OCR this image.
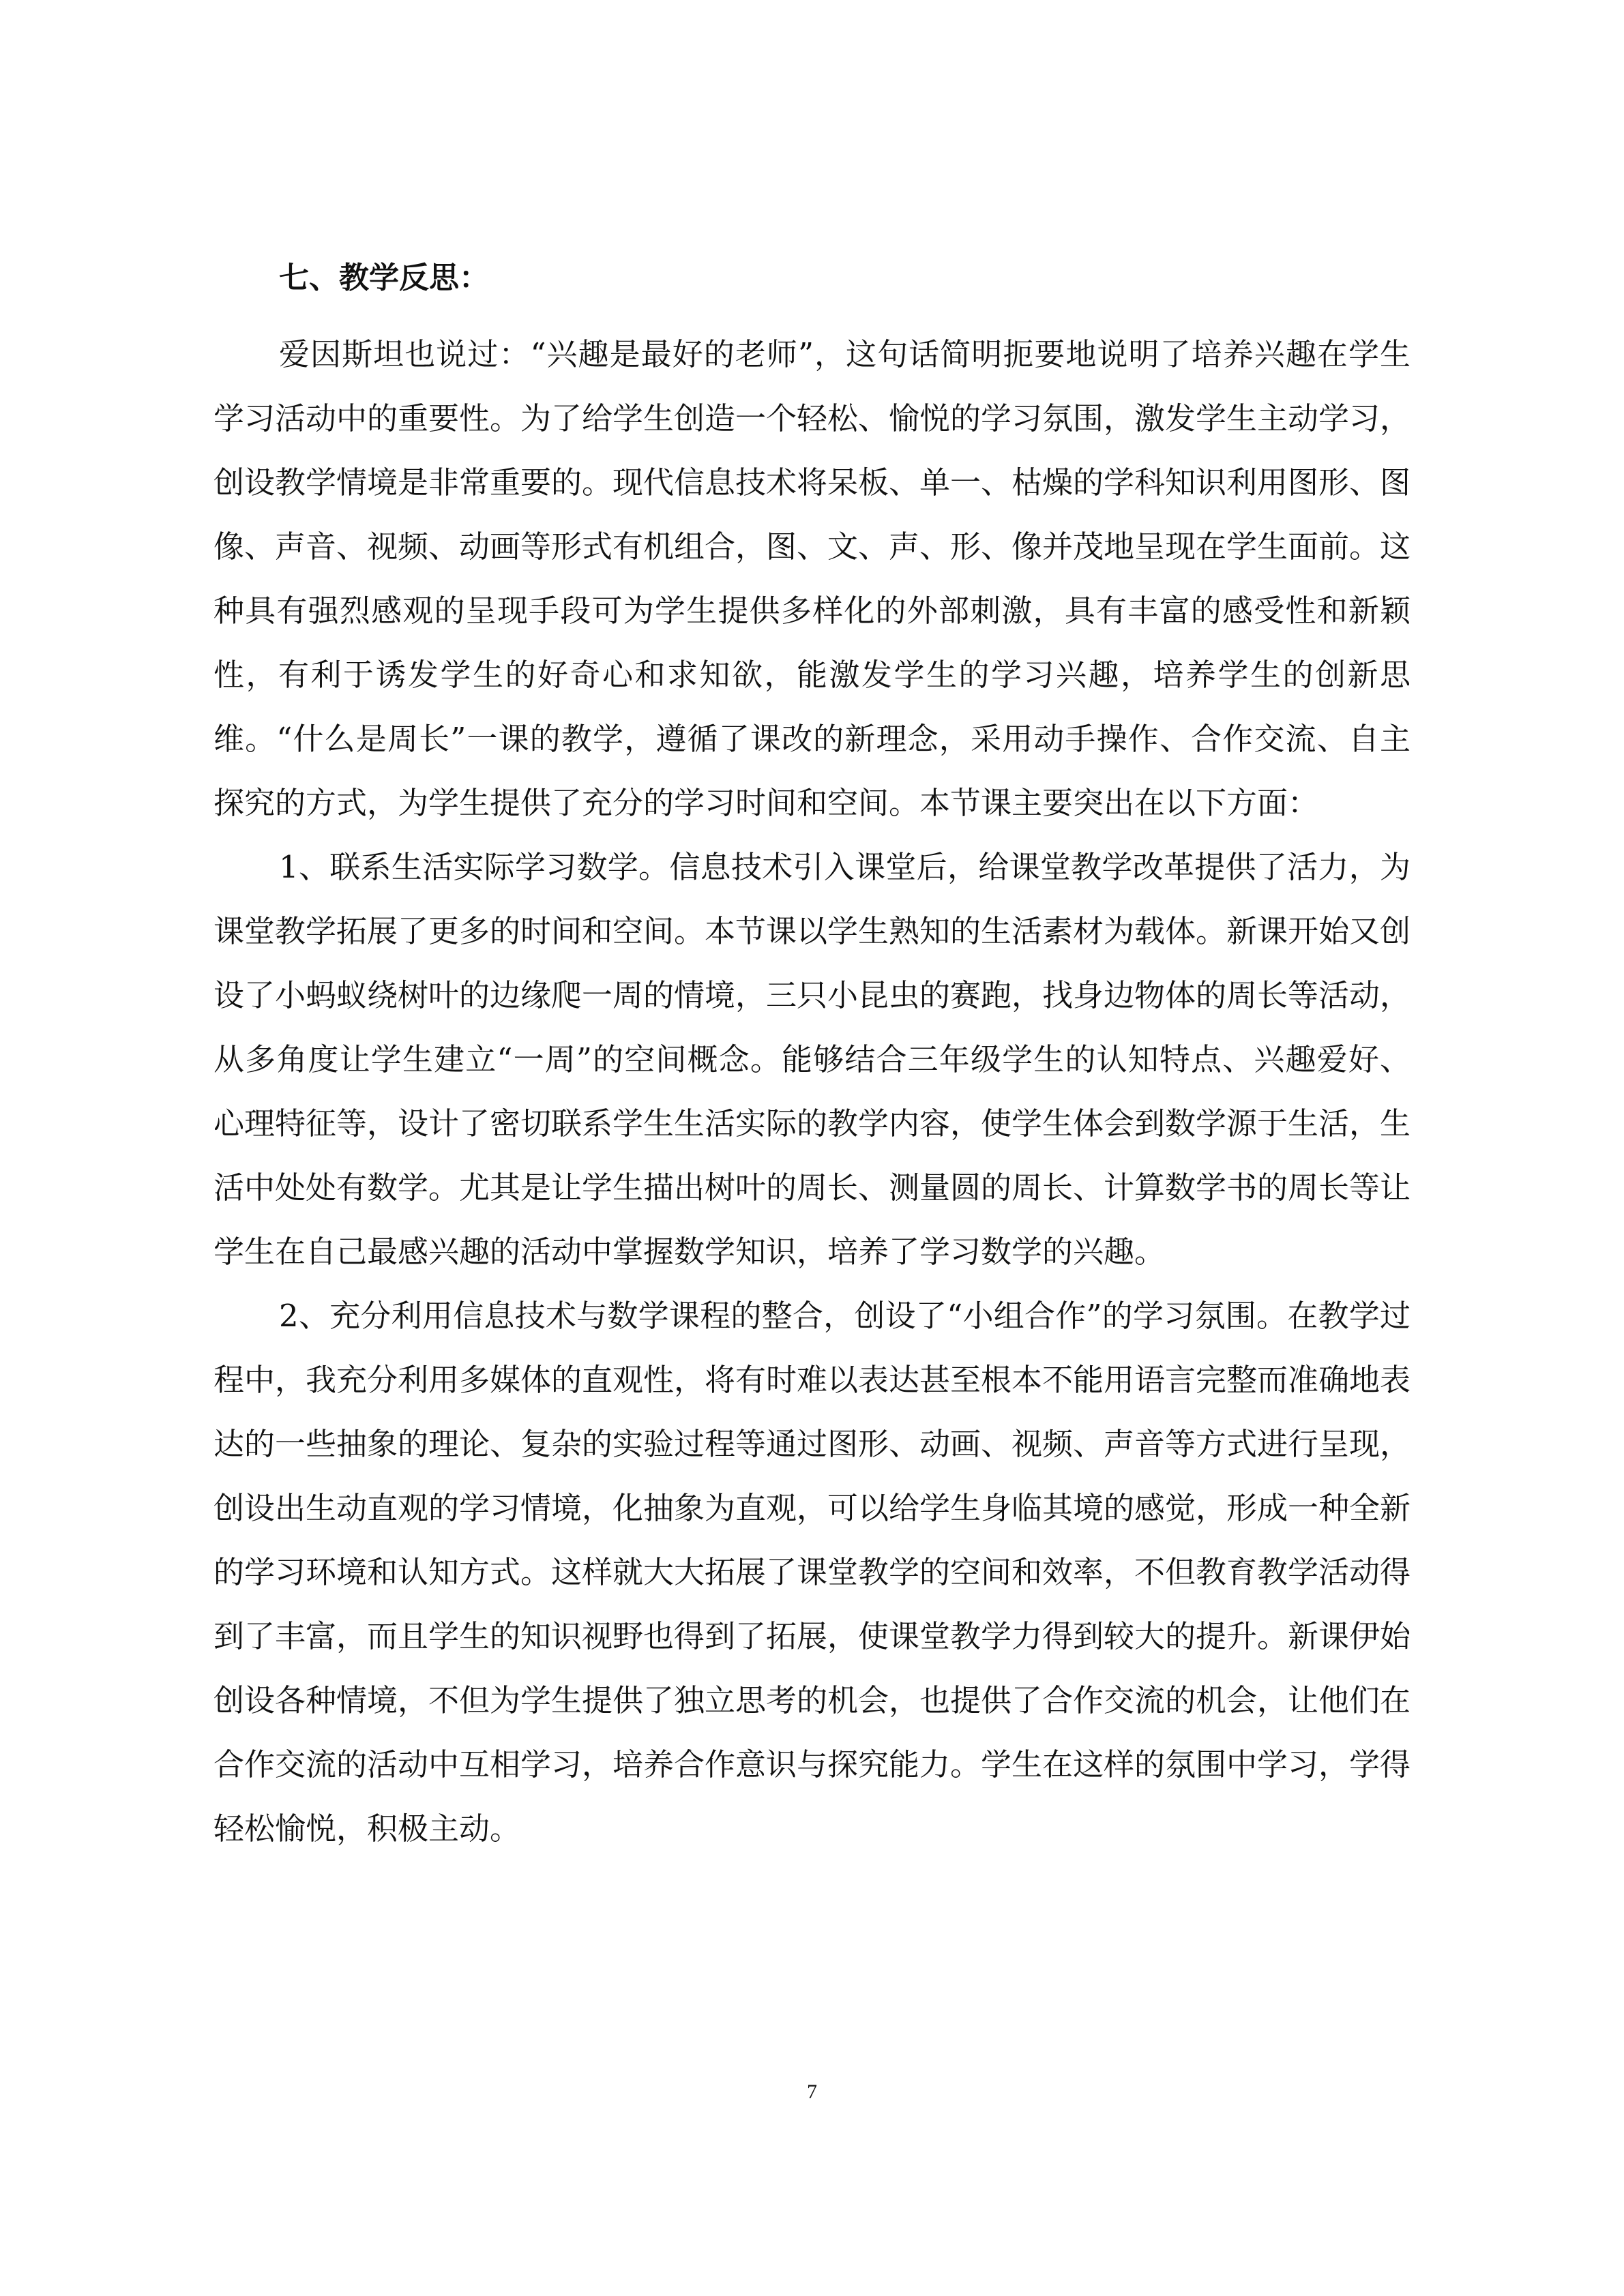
七、教学反思：

爱因斯坦也说过：“兴趣是最好的老师”，这句话简明扼要地说明了培养兴趣在学生学习活动中的重要性。为了给学生创造一个轻松、愉悦的学习氛围，激发学生主动学习，创设教学情境是非常重要的。现代信息技术将呆板、单一、枯燥的学科知识利用图形、图像、声音、视频、动画等形式有机组合，图、文、声、形、像并茂地呈现在学生面前。这种具有强烈感观的呈现手段可为学生提供多样化的外部刺激，具有丰富的感受性和新颖性，有利于诱发学生的好奇心和求知欲，能激发学生的学习兴趣，培养学生的创新思维。“什么是周长”一课的教学，遵循了课改的新理念，采用动手操作、合作交流、自主探究的方式，为学生提供了充分的学习时间和空间。本节课主要突出在以下方面：

1、联系生活实际学习数学。信息技术引入课堂后，给课堂教学改革提供了活力，为课堂教学拓展了更多的时间和空间。本节课以学生熟知的生活素材为载体。新课开始又创设了小蚂蚁绕树叶的边缘爬一周的情境，三只小昆虫的赛跑，找身边物体的周长等活动，从多角度让学生建立“一周”的空间概念。能够结合三年级学生的认知特点、兴趣爱好、心理特征等，设计了密切联系学生生活实际的教学内容，使学生体会到数学源于生活，生活中处处有数学。尤其是让学生描出树叶的周长、测量圆的周长、计算数学书的周长等让学生在自己最感兴趣的活动中掌握数学知识，培养了学习数学的兴趣。

2、充分利用信息技术与数学课程的整合，创设了“小组合作”的学习氛围。在教学过程中，我充分利用多媒体的直观性，将有时难以表达甚至根本不能用语言完整而准确地表达的一些抽象的理论、复杂的实验过程等通过图形、动画、视频、声音等方式进行呈现，创设出生动直观的学习情境，化抽象为直观，可以给学生身临其境的感觉，形成一种全新的学习环境和认知方式。这样就大大拓展了课堂教学的空间和效率，不但教育教学活动得到了丰富，而且学生的知识视野也得到了拓展，使课堂教学力得到较大的提升。新课伊始创设各种情境，不但为学生提供了独立思考的机会，也提供了合作交流的机会，让他们在合作交流的活动中互相学习，培养合作意识与探究能力。学生在这样的氛围中学习，学得轻松愉悦，积极主动。

7
